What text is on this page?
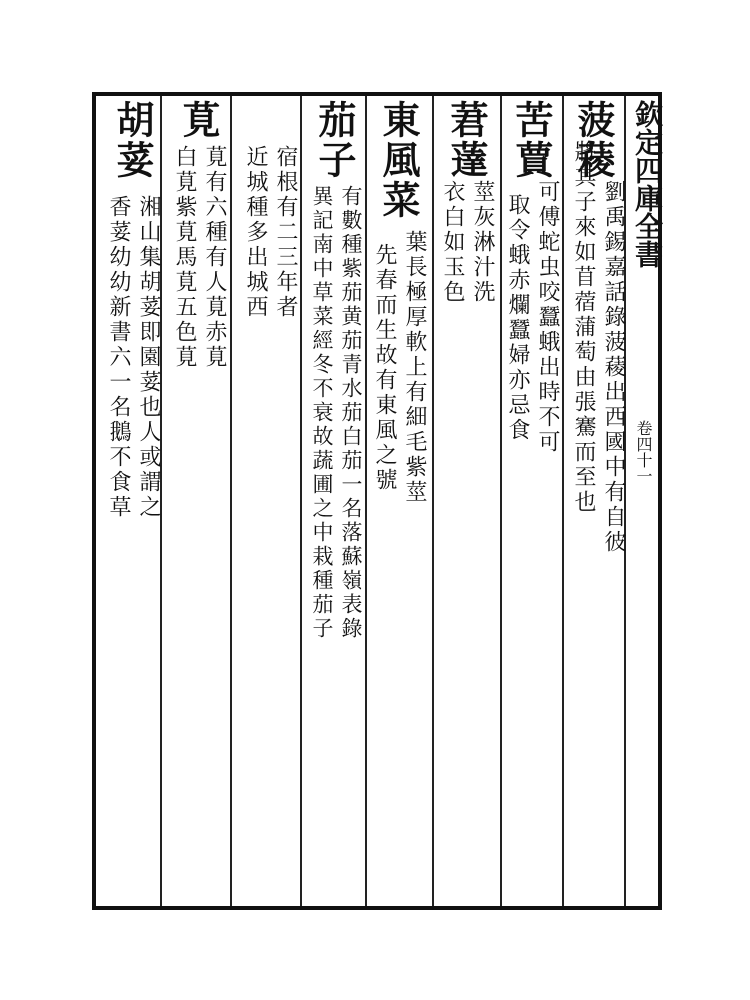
欽定四庫全書
卷四十一
菠薐
劉禹錫嘉話錄菠薐出西國中有自彼
將其子來如苜蓿蒲萄由張騫而至也
苦蕒
可傅蛇虫咬蠶蛾出時不可
取令蛾赤爛蠶婦亦忌食
莙薘
莖灰淋汁洗
衣白如玉色
東風菜
葉長極厚軟上有細毛紫莖
先春而生故有東風之號
茄子
有數種紫茄黄茄青水茄白茄一名落蘇嶺表錄
異記南中草菜經冬不衰故蔬圃之中栽種茄子
宿根有二三年者
近城種多出城西
莧
莧有六種有人莧赤莧
白莧紫莧馬莧五色莧
胡荽
湘山集胡荽即園荽也人或謂之
香荽幼幼新書六一名鵝不食草
